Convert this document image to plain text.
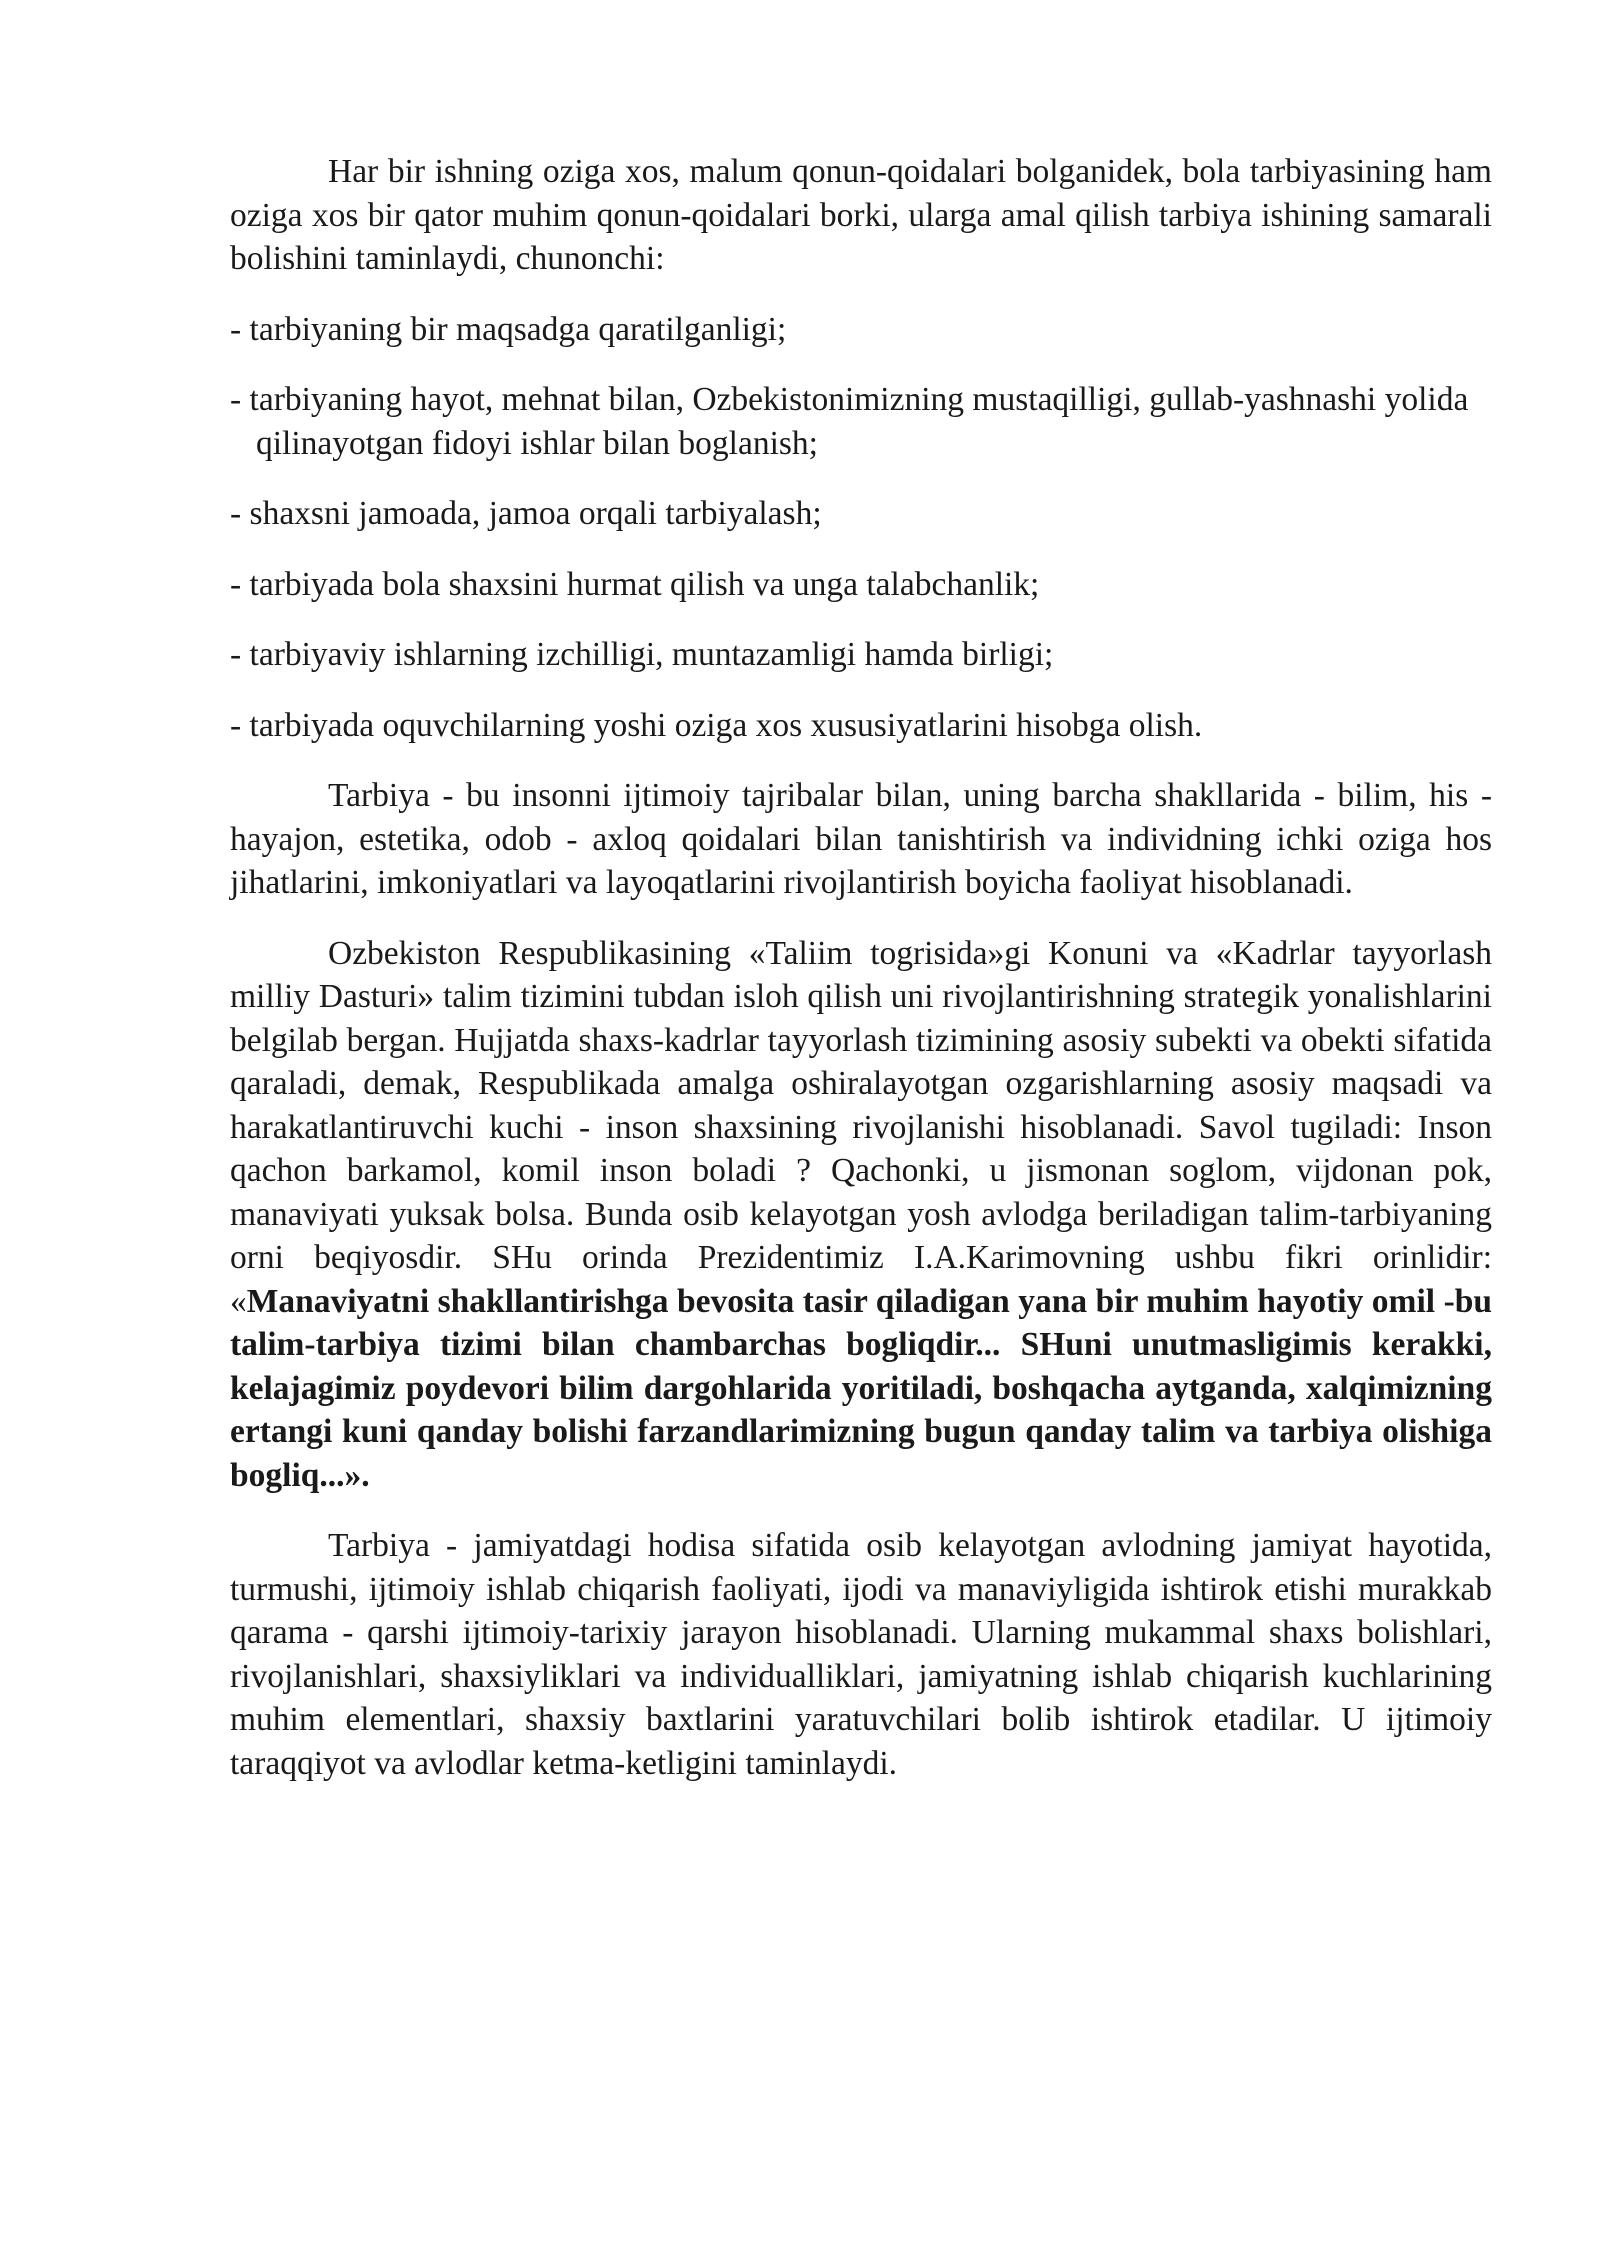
Har bir ishning oziga xos, malum qonun-qoidalari bolganidek, bola tarbiyasining ham oziga xos bir qator muhim qonun-qoidalari borki, ularga amal qilish tarbiya ishining samarali bolishini taminlaydi, chunonchi:

- tarbiyaning bir maqsadga qaratilganligi;
- tarbiyaning hayot, mehnat bilan, Ozbekistonimizning mustaqilligi, gullab-yashnashi yolida qilinayotgan fidoyi ishlar bilan boglanish;
- shaxsni jamoada, jamoa orqali tarbiyalash;
- tarbiyada bola shaxsini hurmat qilish va unga talabchanlik;
- tarbiyaviy ishlarning izchilligi, muntazamligi hamda birligi;
- tarbiyada oquvchilarning yoshi oziga xos xususiyatlarini hisobga olish.

Tarbiya - bu insonni ijtimoiy tajribalar bilan, uning barcha shakllarida - bilim, his - hayajon, estetika, odob - axloq qoidalari bilan tanishtirish va individning ichki oziga hos jihatlarini, imkoniyatlari va layoqatlarini rivojlantirish boyicha faoliyat hisoblanadi.

Ozbekiston Respublikasining «Taliim togrisida»gi Konuni va «Kadrlar tayyorlash milliy Dasturi» talim tizimini tubdan isloh qilish uni rivojlantirishning strategik yonalishlarini belgilab bergan. Hujjatda shaxs-kadrlar tayyorlash tizimining asosiy subekti va obekti sifatida qaraladi, demak, Respublikada amalga oshiralayotgan ozgarishlarning asosiy maqsadi va harakatlantiruvchi kuchi - inson shaxsining rivojlanishi hisoblanadi. Savol tugiladi: Inson qachon barkamol, komil inson boladi ? Qachonki, u jismonan soglom, vijdonan pok, manaviyati yuksak bolsa. Bunda osib kelayotgan yosh avlodga beriladigan talim-tarbiyaning orni beqiyosdir. SHu orinda Prezidentimiz I.A.Karimovning ushbu fikri orinlidir: «Manaviyatni shakllantirishga bevosita tasir qiladigan yana bir muhim hayotiy omil -bu talim-tarbiya tizimi bilan chambarchas bogliqdir... SHuni unutmasligimis kerakki, kelajagimiz poydevori bilim dargohlarida yoritiladi, boshqacha aytganda, xalqimizning ertangi kuni qanday bolishi farzandlarimizning bugun qanday talim va tarbiya olishiga bogliq...».

Tarbiya - jamiyatdagi hodisa sifatida osib kelayotgan avlodning jamiyat hayotida, turmushi, ijtimoiy ishlab chiqarish faoliyati, ijodi va manaviyligida ishtirok etishi murakkab qarama - qarshi ijtimoiy-tarixiy jarayon hisoblanadi. Ularning mukammal shaxs bolishlari, rivojlanishlari, shaxsiyliklari va individualliklari, jamiyatning ishlab chiqarish kuchlarining muhim elementlari, shaxsiy baxtlarini yaratuvchilari bolib ishtirok etadilar. U ijtimoiy taraqqiyot va avlodlar ketma-ketligini taminlaydi.
